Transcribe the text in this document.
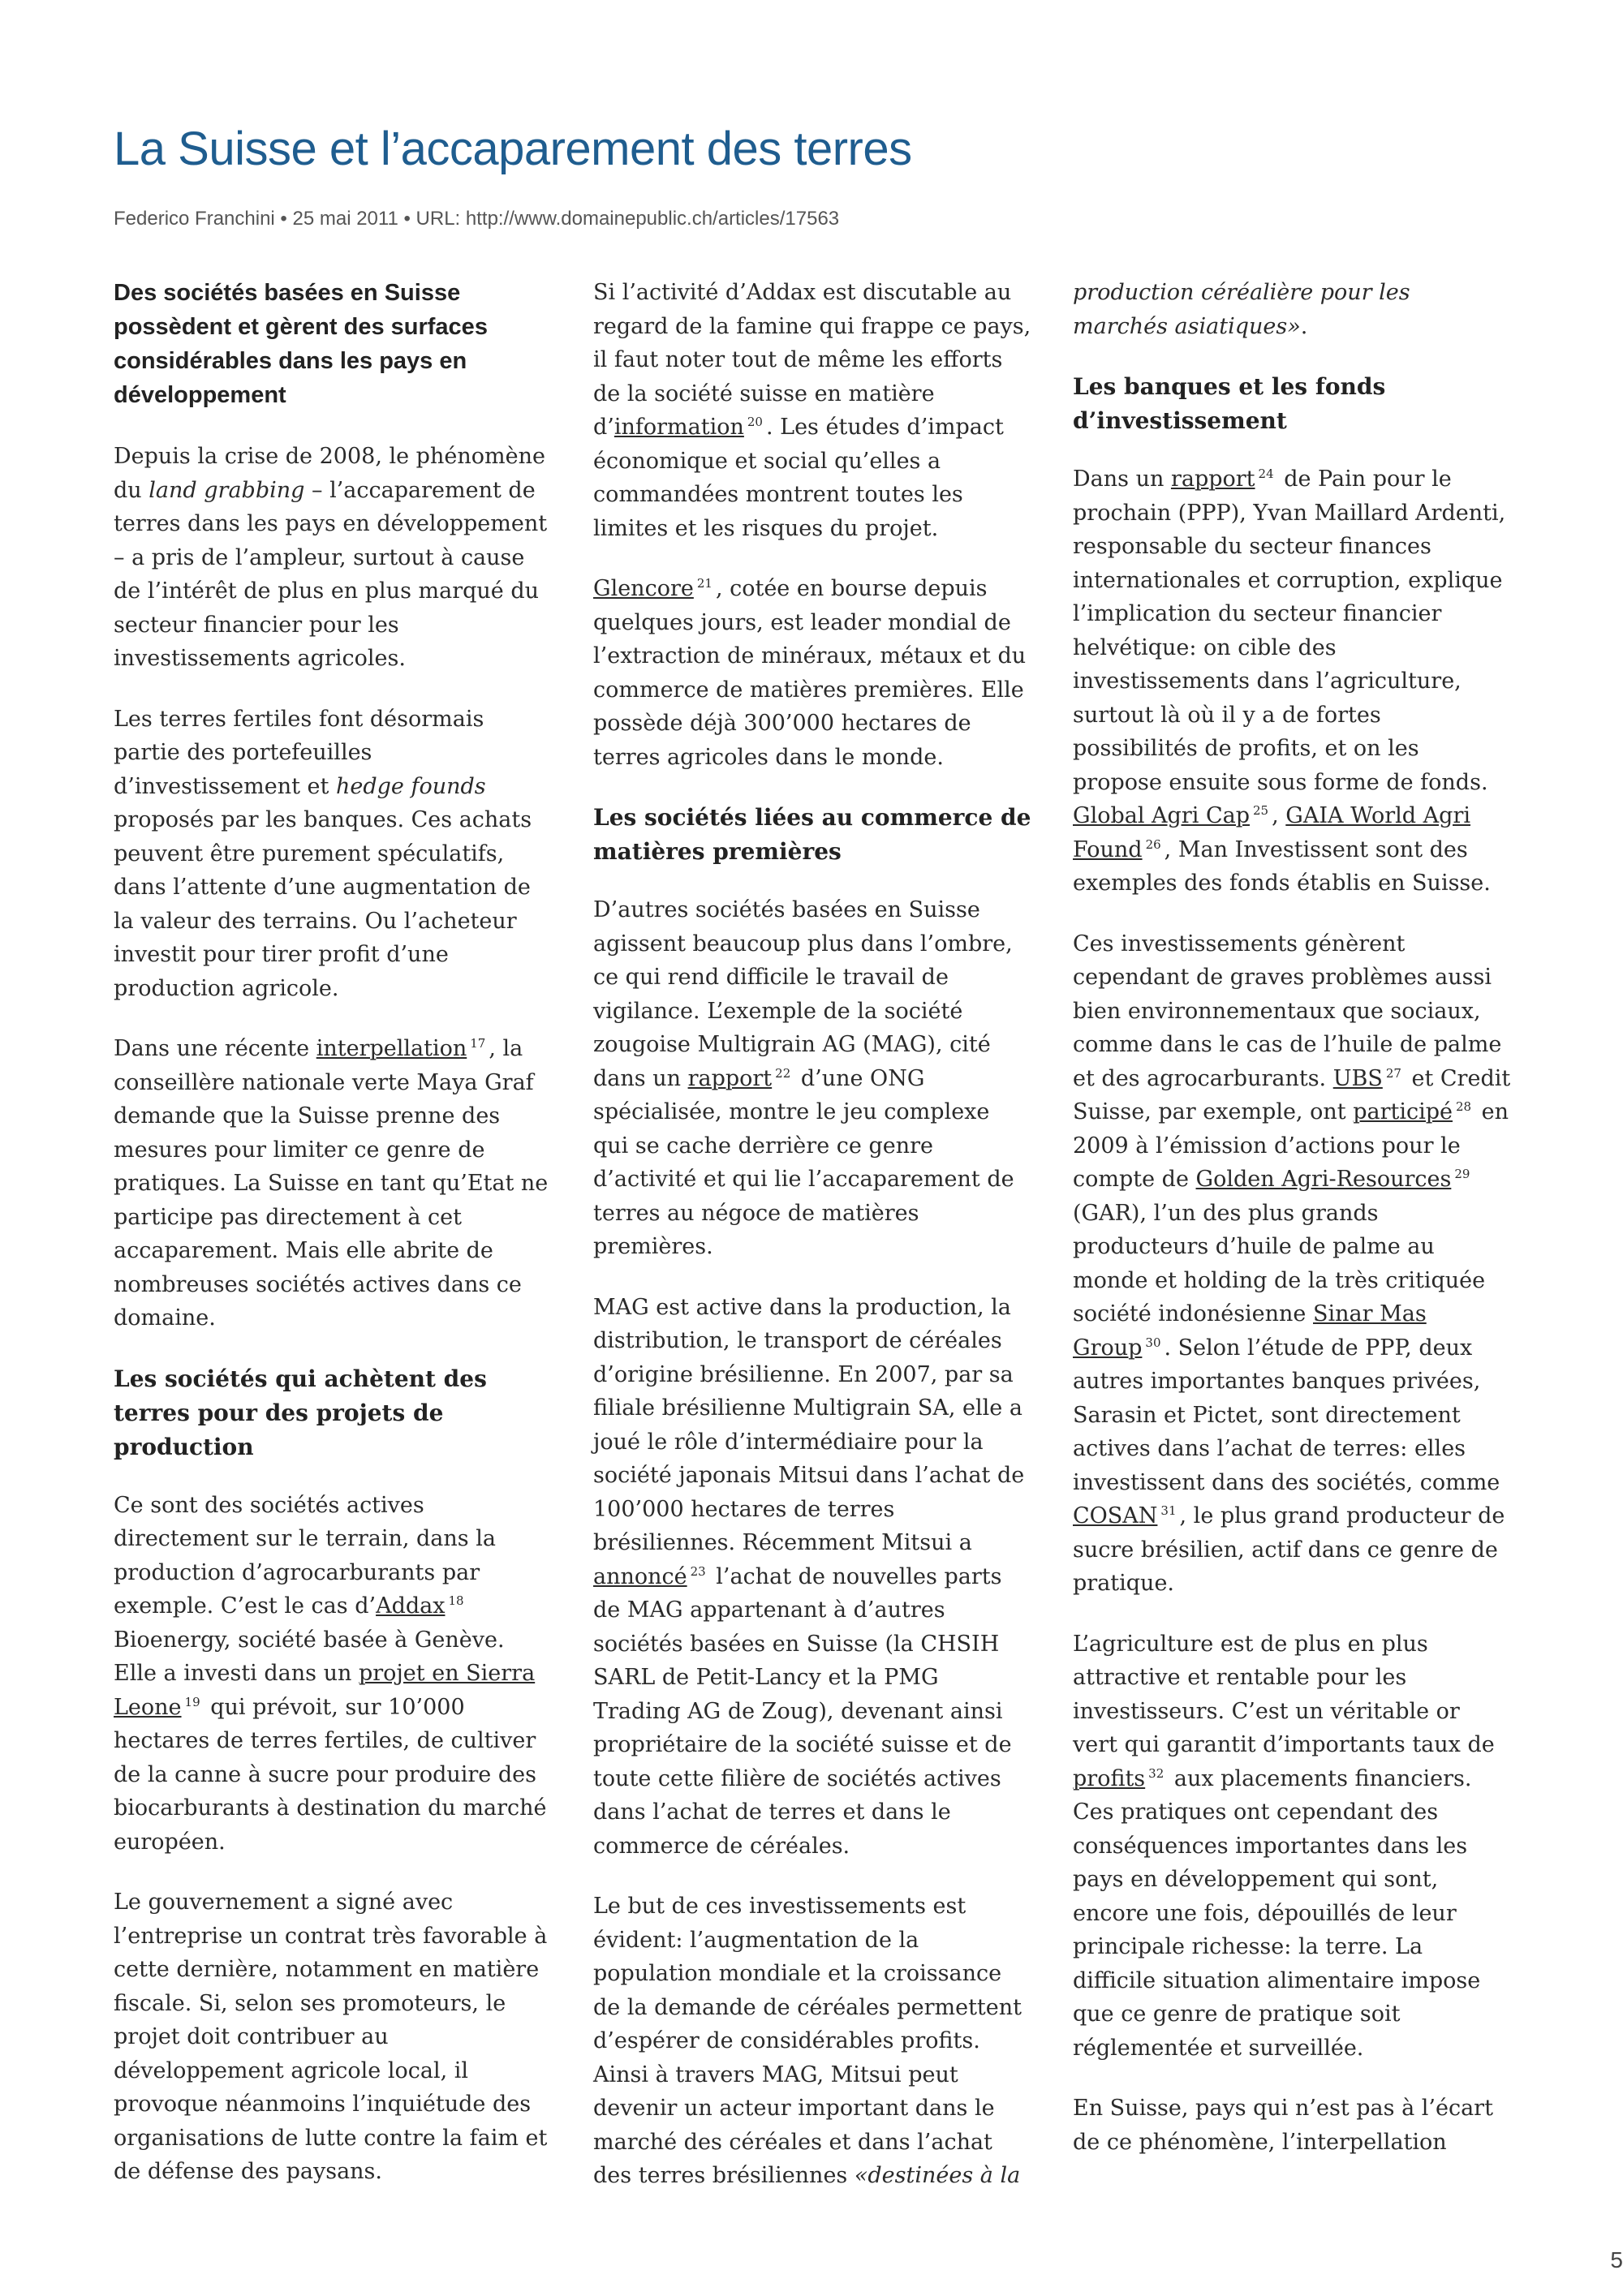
La Suisse et l’accaparement des terres
Federico Franchini • 25 mai 2011 • URL: http://www.domainepublic.ch/articles/17563

Des sociétés basées en Suisse possèdent et gèrent des surfaces considérables dans les pays en développement

Depuis la crise de 2008, le phénomène du land grabbing – l’accaparement de terres dans les pays en développement – a pris de l’ampleur, surtout à cause de l’intérêt de plus en plus marqué du secteur financier pour les investissements agricoles.

Les terres fertiles font désormais partie des portefeuilles d’investissement et hedge founds proposés par les banques. Ces achats peuvent être purement spéculatifs, dans l’attente d’une augmentation de la valeur des terrains. Ou l’acheteur investit pour tirer profit d’une production agricole.

Dans une récente interpellation $^{17}$ , la conseillère nationale verte Maya Graf demande que la Suisse prenne des mesures pour limiter ce genre de pratiques. La Suisse en tant qu’Etat ne participe pas directement à cet accaparement. Mais elle abrite de nombreuses sociétés actives dans ce domaine.

Les sociétés qui achètent des terres pour des projets de production

Ce sont des sociétés actives directement sur le terrain, dans la production d’agrocarburants par exemple. C’est le cas d’Addax $^{18}$ Bioenergy, société basée à Genève. Elle a investi dans un projet en Sierra Leone $^{19}$ qui prévoit, sur 10’000 hectares de terres fertiles, de cultiver de la canne à sucre pour produire des biocarburants à destination du marché européen.

Le gouvernement a signé avec l’entreprise un contrat très favorable à cette dernière, notamment en matière fiscale. Si, selon ses promoteurs, le projet doit contribuer au développement agricole local, il provoque néanmoins l’inquiétude des organisations de lutte contre la faim et de défense des paysans.

Si l’activité d’Addax est discutable au regard de la famine qui frappe ce pays, il faut noter tout de même les efforts de la société suisse en matière d’information $^{20}$ . Les études d’impact économique et social qu’elles a commandées montrent toutes les limites et les risques du projet.

Glencore $^{21}$ , cotée en bourse depuis quelques jours, est leader mondial de l’extraction de minéraux, métaux et du commerce de matières premières. Elle possède déjà 300’000 hectares de terres agricoles dans le monde.

Les sociétés liées au commerce de matières premières

D’autres sociétés basées en Suisse agissent beaucoup plus dans l’ombre, ce qui rend difficile le travail de vigilance. L’exemple de la société zougoise Multigrain AG (MAG), cité dans un rapport $^{22}$ d’une ONG spécialisée, montre le jeu complexe qui se cache derrière ce genre d’activité et qui lie l’accaparement de terres au négoce de matières premières.

MAG est active dans la production, la distribution, le transport de céréales d’origine brésilienne. En 2007, par sa filiale brésilienne Multigrain SA, elle a joué le rôle d’intermédiaire pour la société japonais Mitsui dans l’achat de 100’000 hectares de terres brésiliennes. Récemment Mitsui a annoncé $^{23}$ l’achat de nouvelles parts de MAG appartenant à d’autres sociétés basées en Suisse (la CHSIH SARL de Petit-Lancy et la PMG Trading AG de Zoug), devenant ainsi propriétaire de la société suisse et de toute cette filière de sociétés actives dans l’achat de terres et dans le commerce de céréales.

Le but de ces investissements est évident: l’augmentation de la population mondiale et la croissance de la demande de céréales permettent d’espérer de considérables profits. Ainsi à travers MAG, Mitsui peut devenir un acteur important dans le marché des céréales et dans l’achat des terres brésiliennes «destinées à la

production céréalière pour les marchés asiatiques».

Les banques et les fonds d’investissement

Dans un rapport $^{24}$ de Pain pour le prochain (PPP), Yvan Maillard Ardenti, responsable du secteur finances internationales et corruption, explique l’implication du secteur financier helvétique: on cible des investissements dans l’agriculture, surtout là où il y a de fortes possibilités de profits, et on les propose ensuite sous forme de fonds. Global Agri Cap $^{25}$ , GAIA World Agri Found $^{26}$ , Man Investissent sont des exemples des fonds établis en Suisse.

Ces investissements génèrent cependant de graves problèmes aussi bien environnementaux que sociaux, comme dans le cas de l’huile de palme et des agrocarburants. UBS $^{27}$ et Credit Suisse, par exemple, ont participé $^{28}$ en 2009 à l’émission d’actions pour le compte de Golden Agri-Resources $^{29}$ (GAR), l’un des plus grands producteurs d’huile de palme au monde et holding de la très critiquée société indonésienne Sinar Mas Group $^{30}$ . Selon l’étude de PPP, deux autres importantes banques privées, Sarasin et Pictet, sont directement actives dans l’achat de terres: elles investissent dans des sociétés, comme COSAN $^{31}$ , le plus grand producteur de sucre brésilien, actif dans ce genre de pratique.

L’agriculture est de plus en plus attractive et rentable pour les investisseurs. C’est un véritable or vert qui garantit d’importants taux de profits $^{32}$ aux placements financiers. Ces pratiques ont cependant des conséquences importantes dans les pays en développement qui sont, encore une fois, dépouillés de leur principale richesse: la terre. La difficile situation alimentaire impose que ce genre de pratique soit réglementée et surveillée.

En Suisse, pays qui n’est pas à l’écart de ce phénomène, l’interpellation

5
